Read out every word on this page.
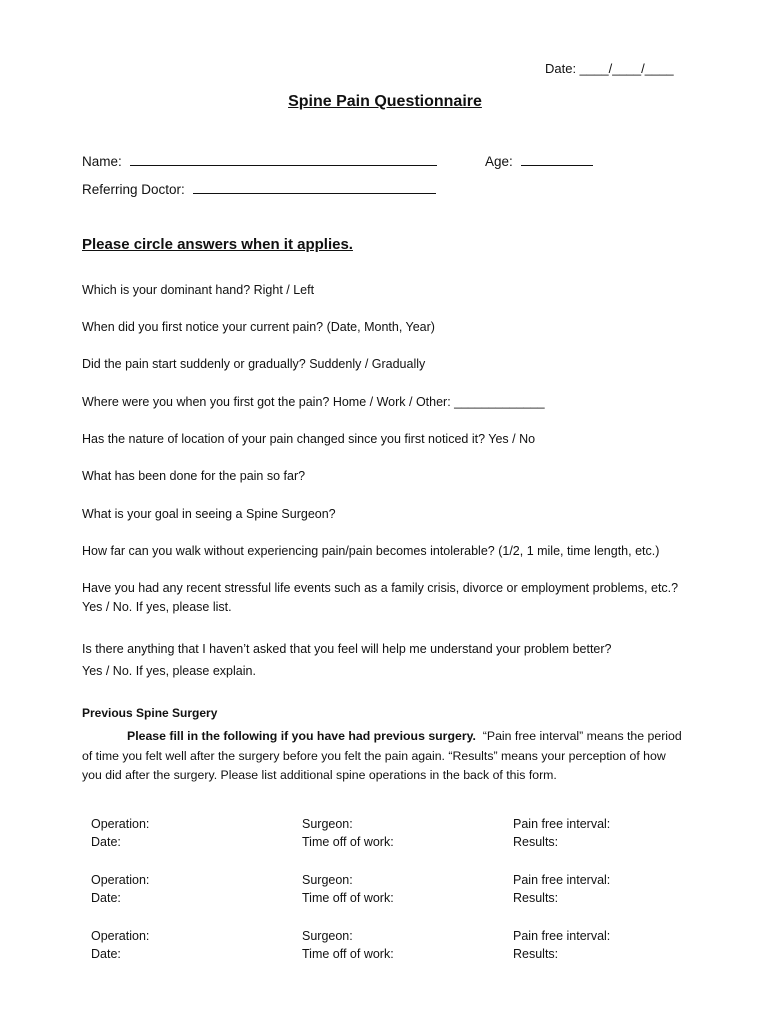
Date: ____/____/____
Spine Pain Questionnaire
Name:	Age:
Referring Doctor:
Please circle answers when it applies.
Which is your dominant hand? Right / Left
When did you first notice your current pain? (Date, Month, Year)
Did the pain start suddenly or gradually? Suddenly / Gradually
Where were you when you first got the pain? Home / Work / Other: _____________
Has the nature of location of your pain changed since you first noticed it? Yes / No
What has been done for the pain so far?
What is your goal in seeing a Spine Surgeon?
How far can you walk without experiencing pain/pain becomes intolerable? (1/2, 1 mile, time length, etc.)
Have you had any recent stressful life events such as a family crisis, divorce or employment problems, etc.?
Yes / No. If yes, please list.
Is there anything that I haven’t asked that you feel will help me understand your problem better?
Yes / No. If yes, please explain.
Previous Spine Surgery
Please fill in the following if you have had previous surgery. “Pain free interval” means the period of time you felt well after the surgery before you felt the pain again. “Results” means your perception of how you did after the surgery. Please list additional spine operations in the back of this form.
Operation:
Date:
Surgeon:
Time off of work:
Pain free interval:
Results:
Operation:
Date:
Surgeon:
Time off of work:
Pain free interval:
Results:
Operation:
Date:
Surgeon:
Time off of work:
Pain free interval:
Results:
